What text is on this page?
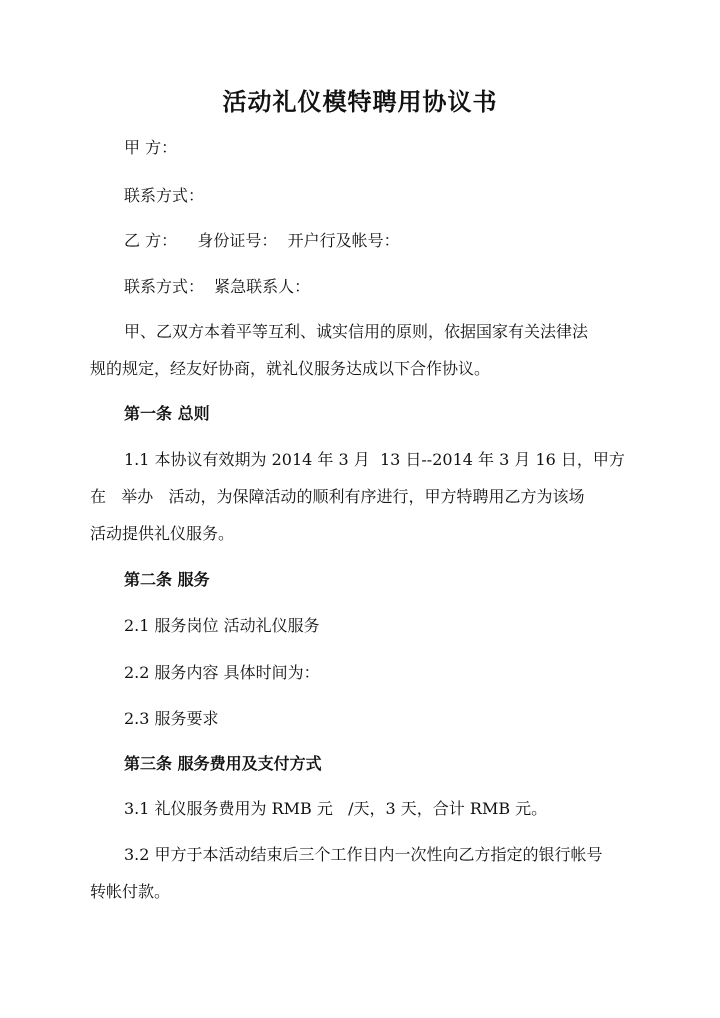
活动礼仪模特聘用协议书
甲 方：
联系方式：
乙 方：    身份证号：  开户行及帐号：
联系方式：  紧急联系人：
甲、乙双方本着平等互利、诚实信用的原则，依据国家有关法律法
规的规定，经友好协商，就礼仪服务达成以下合作协议。
第一条 总则
1.1 本协议有效期为 2014 年 3 月  13 日--2014 年 3 月 16 日，甲方
在   举办   活动，为保障活动的顺利有序进行，甲方特聘用乙方为该场
活动提供礼仪服务。
第二条 服务
2.1 服务岗位 活动礼仪服务
2.2 服务内容 具体时间为：
2.3 服务要求
第三条 服务费用及支付方式
3.1 礼仪服务费用为 RMB 元   /天，3 天，合计 RMB 元。
3.2 甲方于本活动结束后三个工作日内一次性向乙方指定的银行帐号
转帐付款。
